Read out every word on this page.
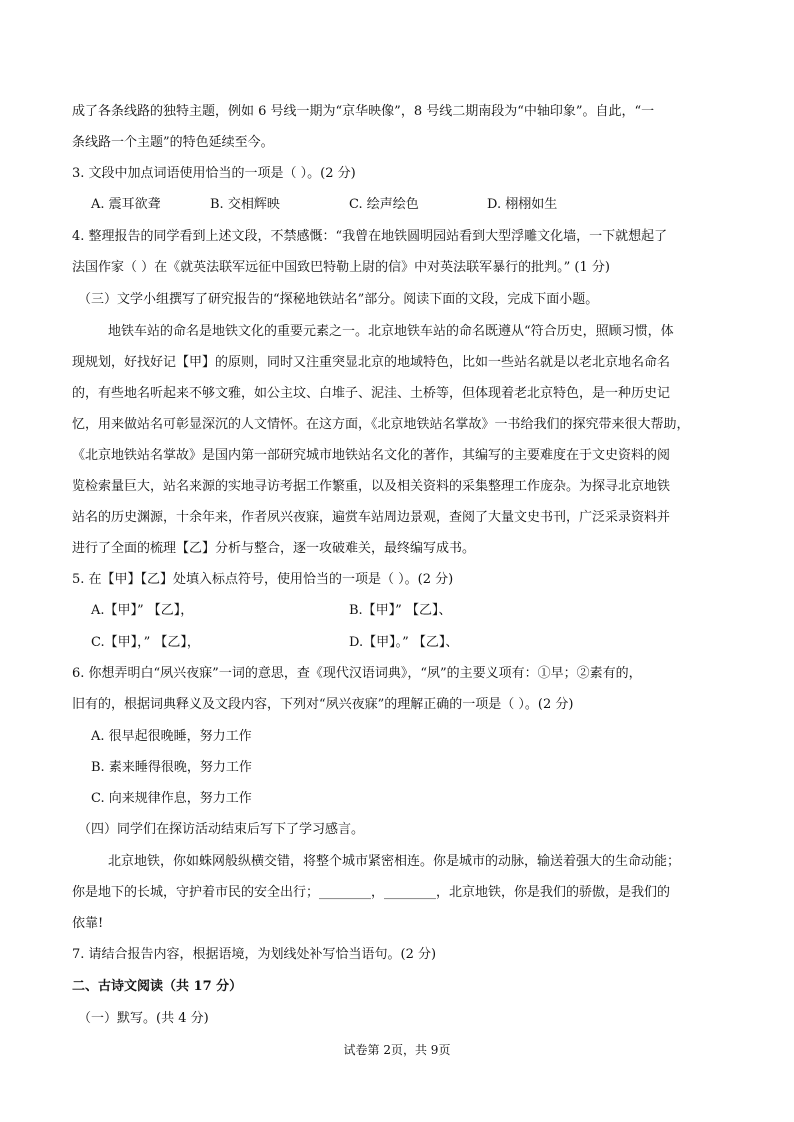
成了各条线路的独特主题，例如 6 号线一期为“京华映像”，8 号线二期南段为“中轴印象”。自此，“一
条线路一个主题”的特色延续至今。
3. 文段中加点词语使用恰当的一项是（ ）。(2 分)
A. 震耳欲聋	B. 交相辉映	C. 绘声绘色	D. 栩栩如生
4. 整理报告的同学看到上述文段，不禁感慨：“我曾在地铁圆明园站看到大型浮雕文化墙，一下就想起了
法国作家（ ）在《就英法联军远征中国致巴特勒上尉的信》中对英法联军暴行的批判。” (1 分)
（三）文学小组撰写了研究报告的“探秘地铁站名”部分。阅读下面的文段，完成下面小题。
地铁车站的命名是地铁文化的重要元素之一。北京地铁车站的命名既遵从“符合历史，照顾习惯，体
现规划，好找好记【甲】的原则，同时又注重突显北京的地域特色，比如一些站名就是以老北京地名命名
的，有些地名听起来不够文雅，如公主坟、白堆子、泥洼、土桥等，但体现着老北京特色，是一种历史记
忆，用来做站名可彰显深沉的人文情怀。在这方面，《北京地铁站名掌故》一书给我们的探究带来很大帮助，
《北京地铁站名掌故》是国内第一部研究城市地铁站名文化的著作，其编写的主要难度在于文史资料的阅
览检索量巨大，站名来源的实地寻访考据工作繁重，以及相关资料的采集整理工作庞杂。为探寻北京地铁
站名的历史渊源，十余年来，作者夙兴夜寐，遍赏车站周边景观，查阅了大量文史书刊，广泛采录资料并
进行了全面的梳理【乙】分析与整合，逐一攻破难关，最终编写成书。
5. 在【甲】【乙】处填入标点符号，使用恰当的一项是（ ）。(2 分)
A.【甲】” 【乙】，	B.【甲】” 【乙】、
C.【甲】，” 【乙】，	D.【甲】。” 【乙】、
6. 你想弄明白“夙兴夜寐”一词的意思，查《现代汉语词典》，“夙”的主要义项有：①早；②素有的，
旧有的，根据词典释义及文段内容，下列对“夙兴夜寐”的理解正确的一项是（ ）。(2 分)
A. 很早起很晚睡，努力工作
B. 素来睡得很晚，努力工作
C. 向来规律作息，努力工作
（四）同学们在探访活动结束后写下了学习感言。
北京地铁，你如蛛网般纵横交错，将整个城市紧密相连。你是城市的动脉，输送着强大的生命动能；
你是地下的长城，守护着市民的安全出行；________，________，北京地铁，你是我们的骄傲，是我们的
依靠!
7. 请结合报告内容，根据语境，为划线处补写恰当语句。(2 分)
二、古诗文阅读（共 17 分）
（一）默写。(共 4 分)
试卷第 2页，共 9页
